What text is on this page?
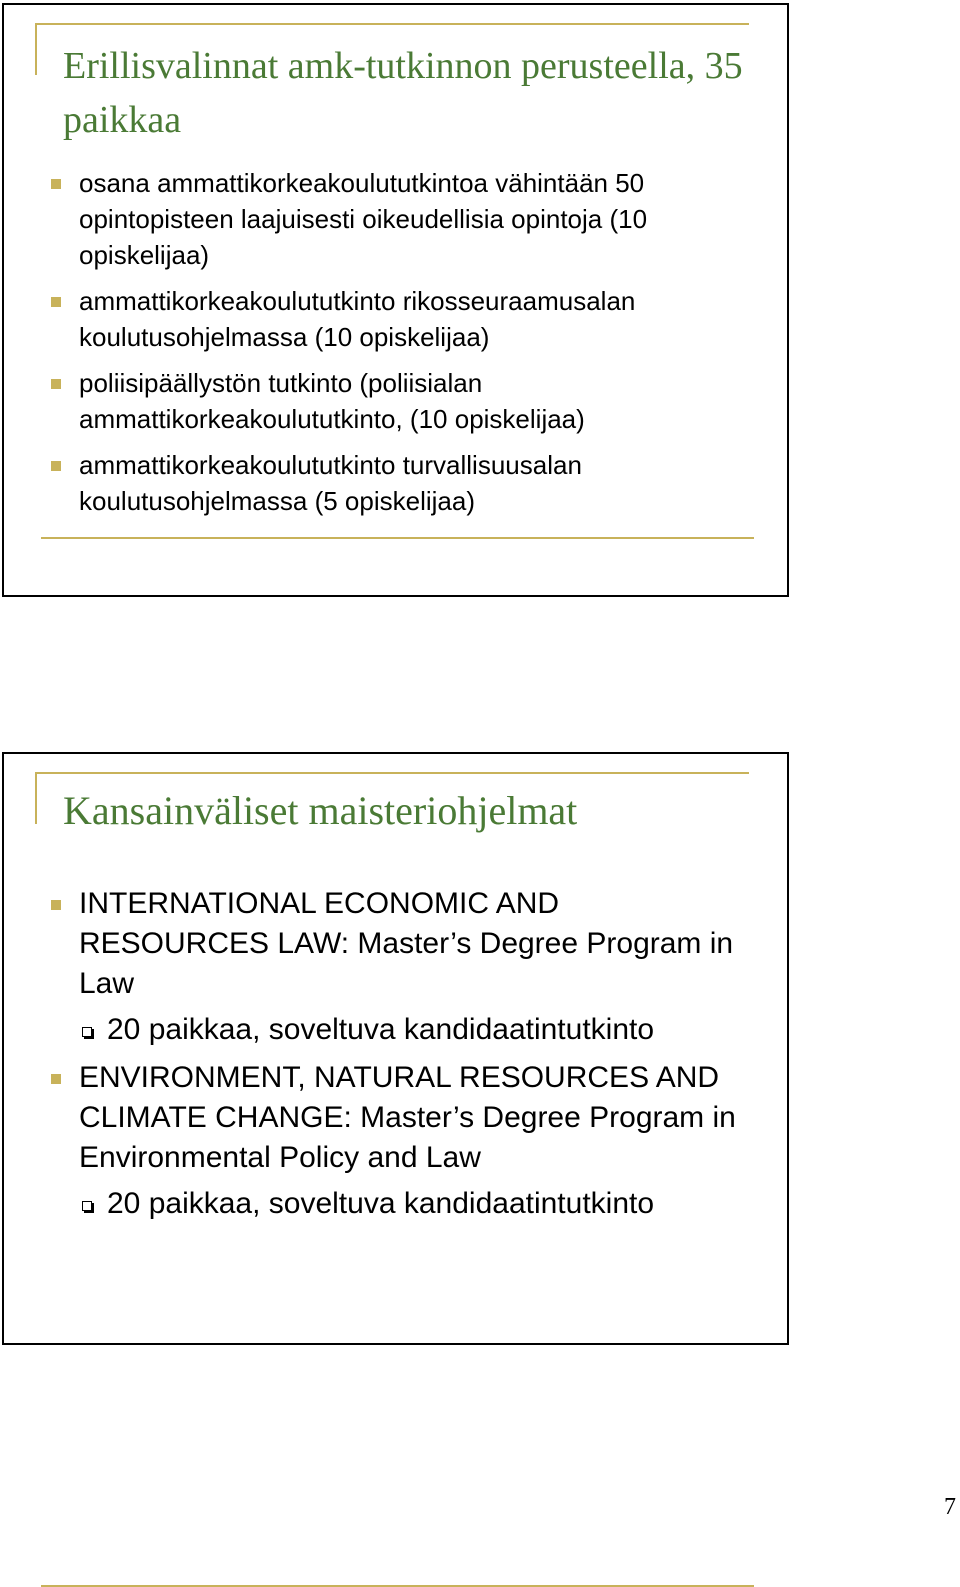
Erillisvalinnat amk-tutkinnon perusteella, 35 paikkaa
osana ammattikorkeakoulututkintoa vähintään 50 opintopisteen laajuisesti oikeudellisia opintoja (10 opiskelijaa)
ammattikorkeakoulututkinto rikosseuraamusalan koulutusohjelmassa (10 opiskelijaa)
poliisipäällystön tutkinto (poliisialan ammattikorkeakoulututkinto, (10 opiskelijaa)
ammattikorkeakoulututkinto turvallisuusalan koulutusohjelmassa (5 opiskelijaa)
Kansainväliset maisteriohjelmat
INTERNATIONAL ECONOMIC AND RESOURCES LAW: Master’s Degree Program in Law
20 paikkaa, soveltuva kandidaatintutkinto
ENVIRONMENT, NATURAL RESOURCES AND CLIMATE CHANGE: Master’s Degree Program in Environmental Policy and Law
20 paikkaa, soveltuva kandidaatintutkinto
7
